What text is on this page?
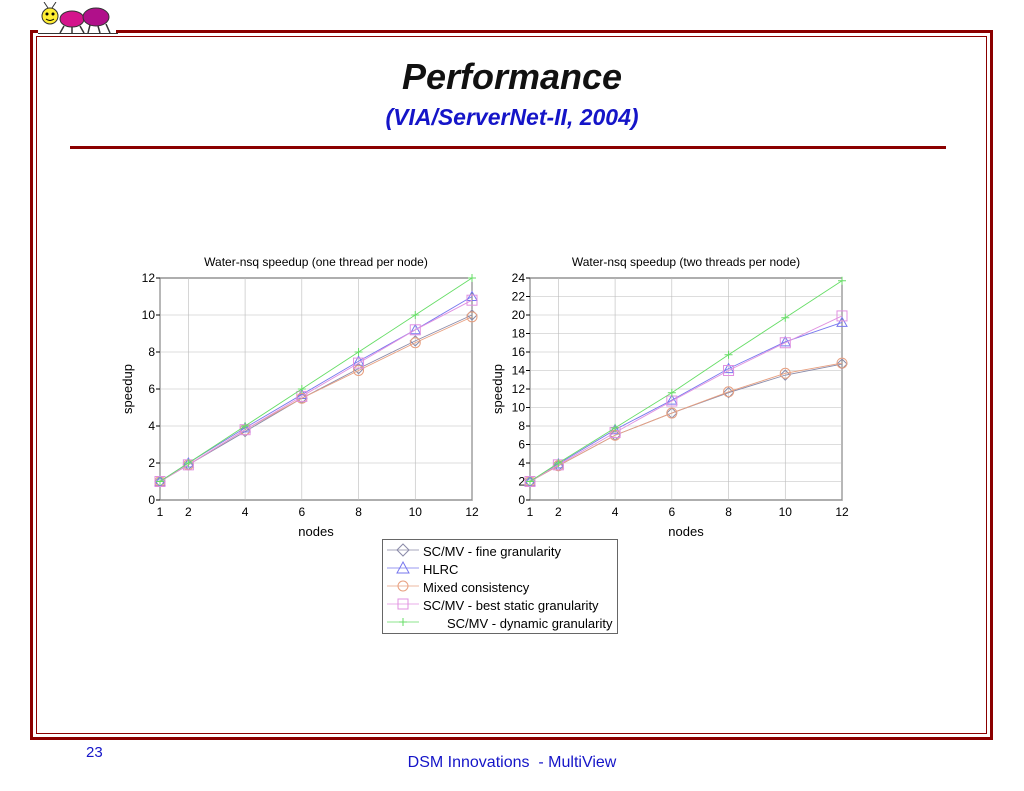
Performance
(VIA/ServerNet-II, 2004)
Water-nsq speedup (one thread per node)
1 2	4	6	8	10	12
0
2
4
6
8
10
12
nodes
speedup
Water-nsq speedup (two threads per node)
1 2	4	6	8	10	12
0
2
4
6
8
10
12
14
16
18
20
22
24
nodes
speedup
SC/MV - fine granularity
HLRC
Mixed consistency
SC/MV - best static granularity
SC/MV - dynamic granularity
23
DSM Innovations  - MultiView
